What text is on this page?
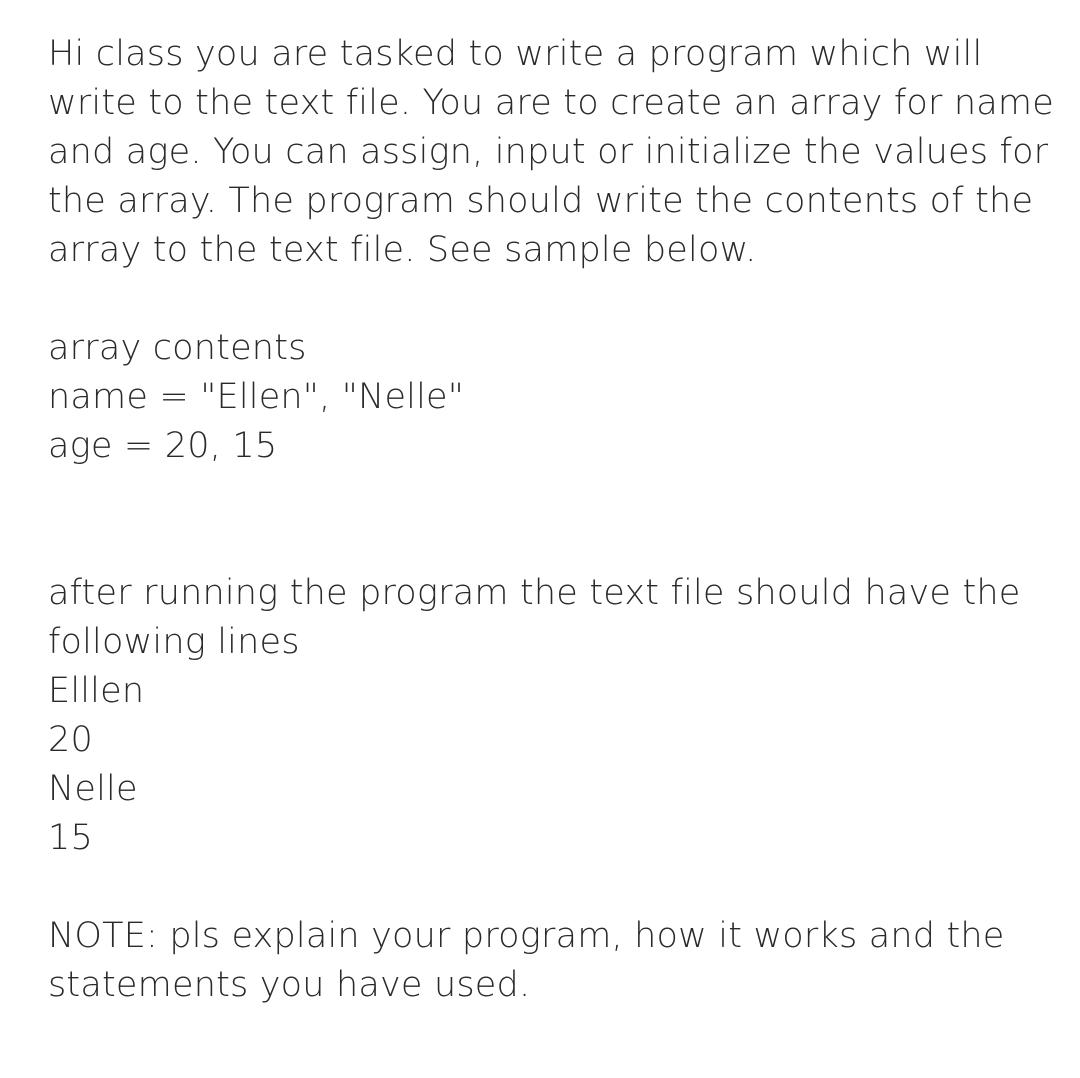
Hi class you are tasked to write a program which will
write to the text file. You are to create an array for name
and age. You can assign, input or initialize the values for
the array. The program should write the contents of the
array to the text file. See sample below.
array contents
name = "Ellen", "Nelle"
age = 20, 15
after running the program the text file should have the
following lines
Elllen
20
Nelle
15
NOTE: pls explain your program, how it works and the
statements you have used.
